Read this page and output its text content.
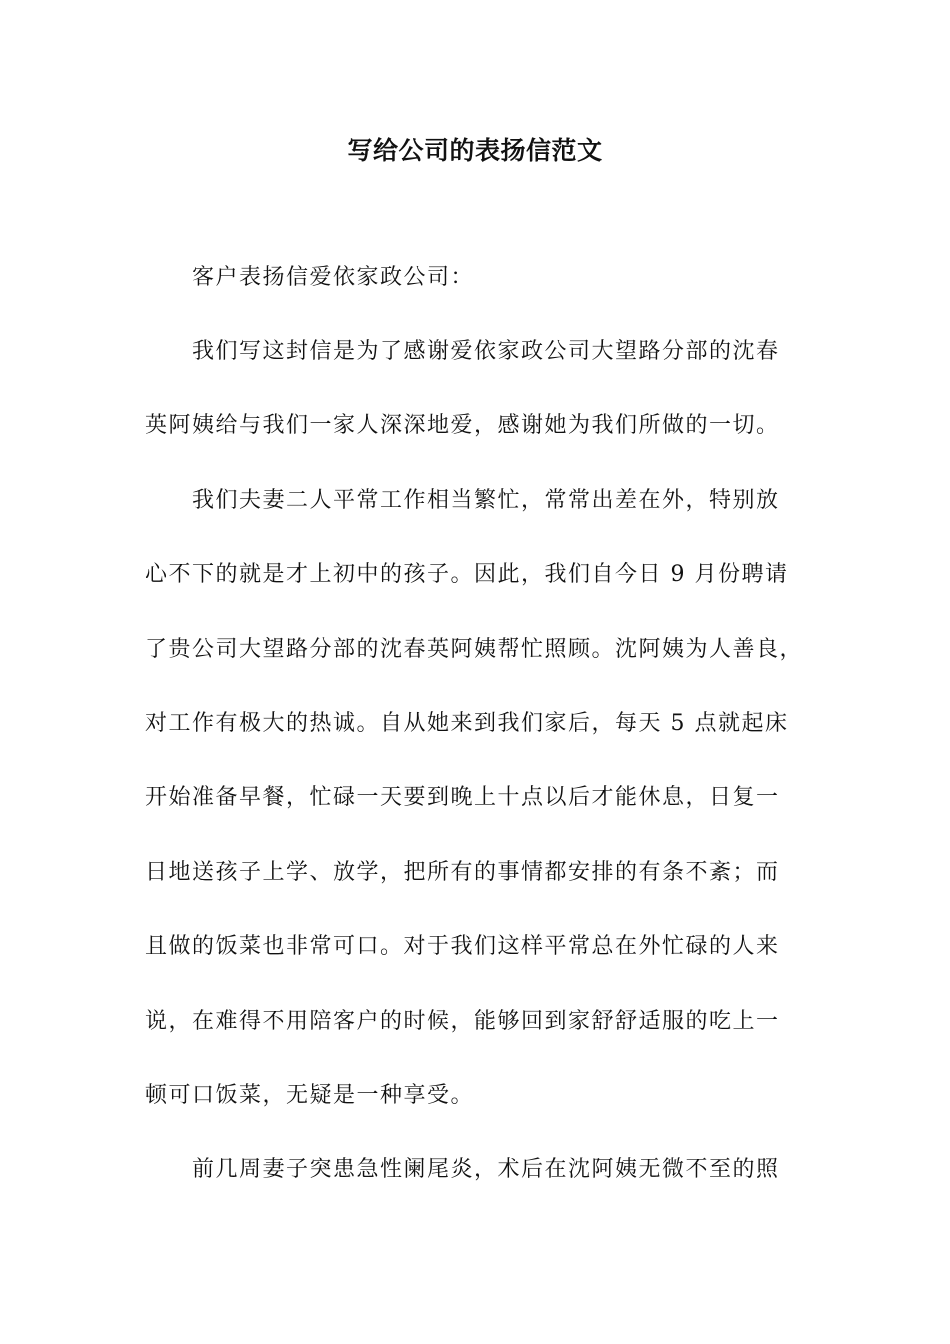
写给公司的表扬信范文
客户表扬信爱依家政公司：
我们写这封信是为了感谢爱依家政公司大望路分部的沈春
英阿姨给与我们一家人深深地爱，感谢她为我们所做的一切。
我们夫妻二人平常工作相当繁忙，常常出差在外，特别放
心不下的就是才上初中的孩子。因此，我们自今日 9 月份聘请
了贵公司大望路分部的沈春英阿姨帮忙照顾。沈阿姨为人善良，
对工作有极大的热诚。自从她来到我们家后，每天 5 点就起床
开始准备早餐，忙碌一天要到晚上十点以后才能休息，日复一
日地送孩子上学、放学，把所有的事情都安排的有条不紊；而
且做的饭菜也非常可口。对于我们这样平常总在外忙碌的人来
说，在难得不用陪客户的时候，能够回到家舒舒适服的吃上一
顿可口饭菜，无疑是一种享受。
前几周妻子突患急性阑尾炎，术后在沈阿姨无微不至的照
